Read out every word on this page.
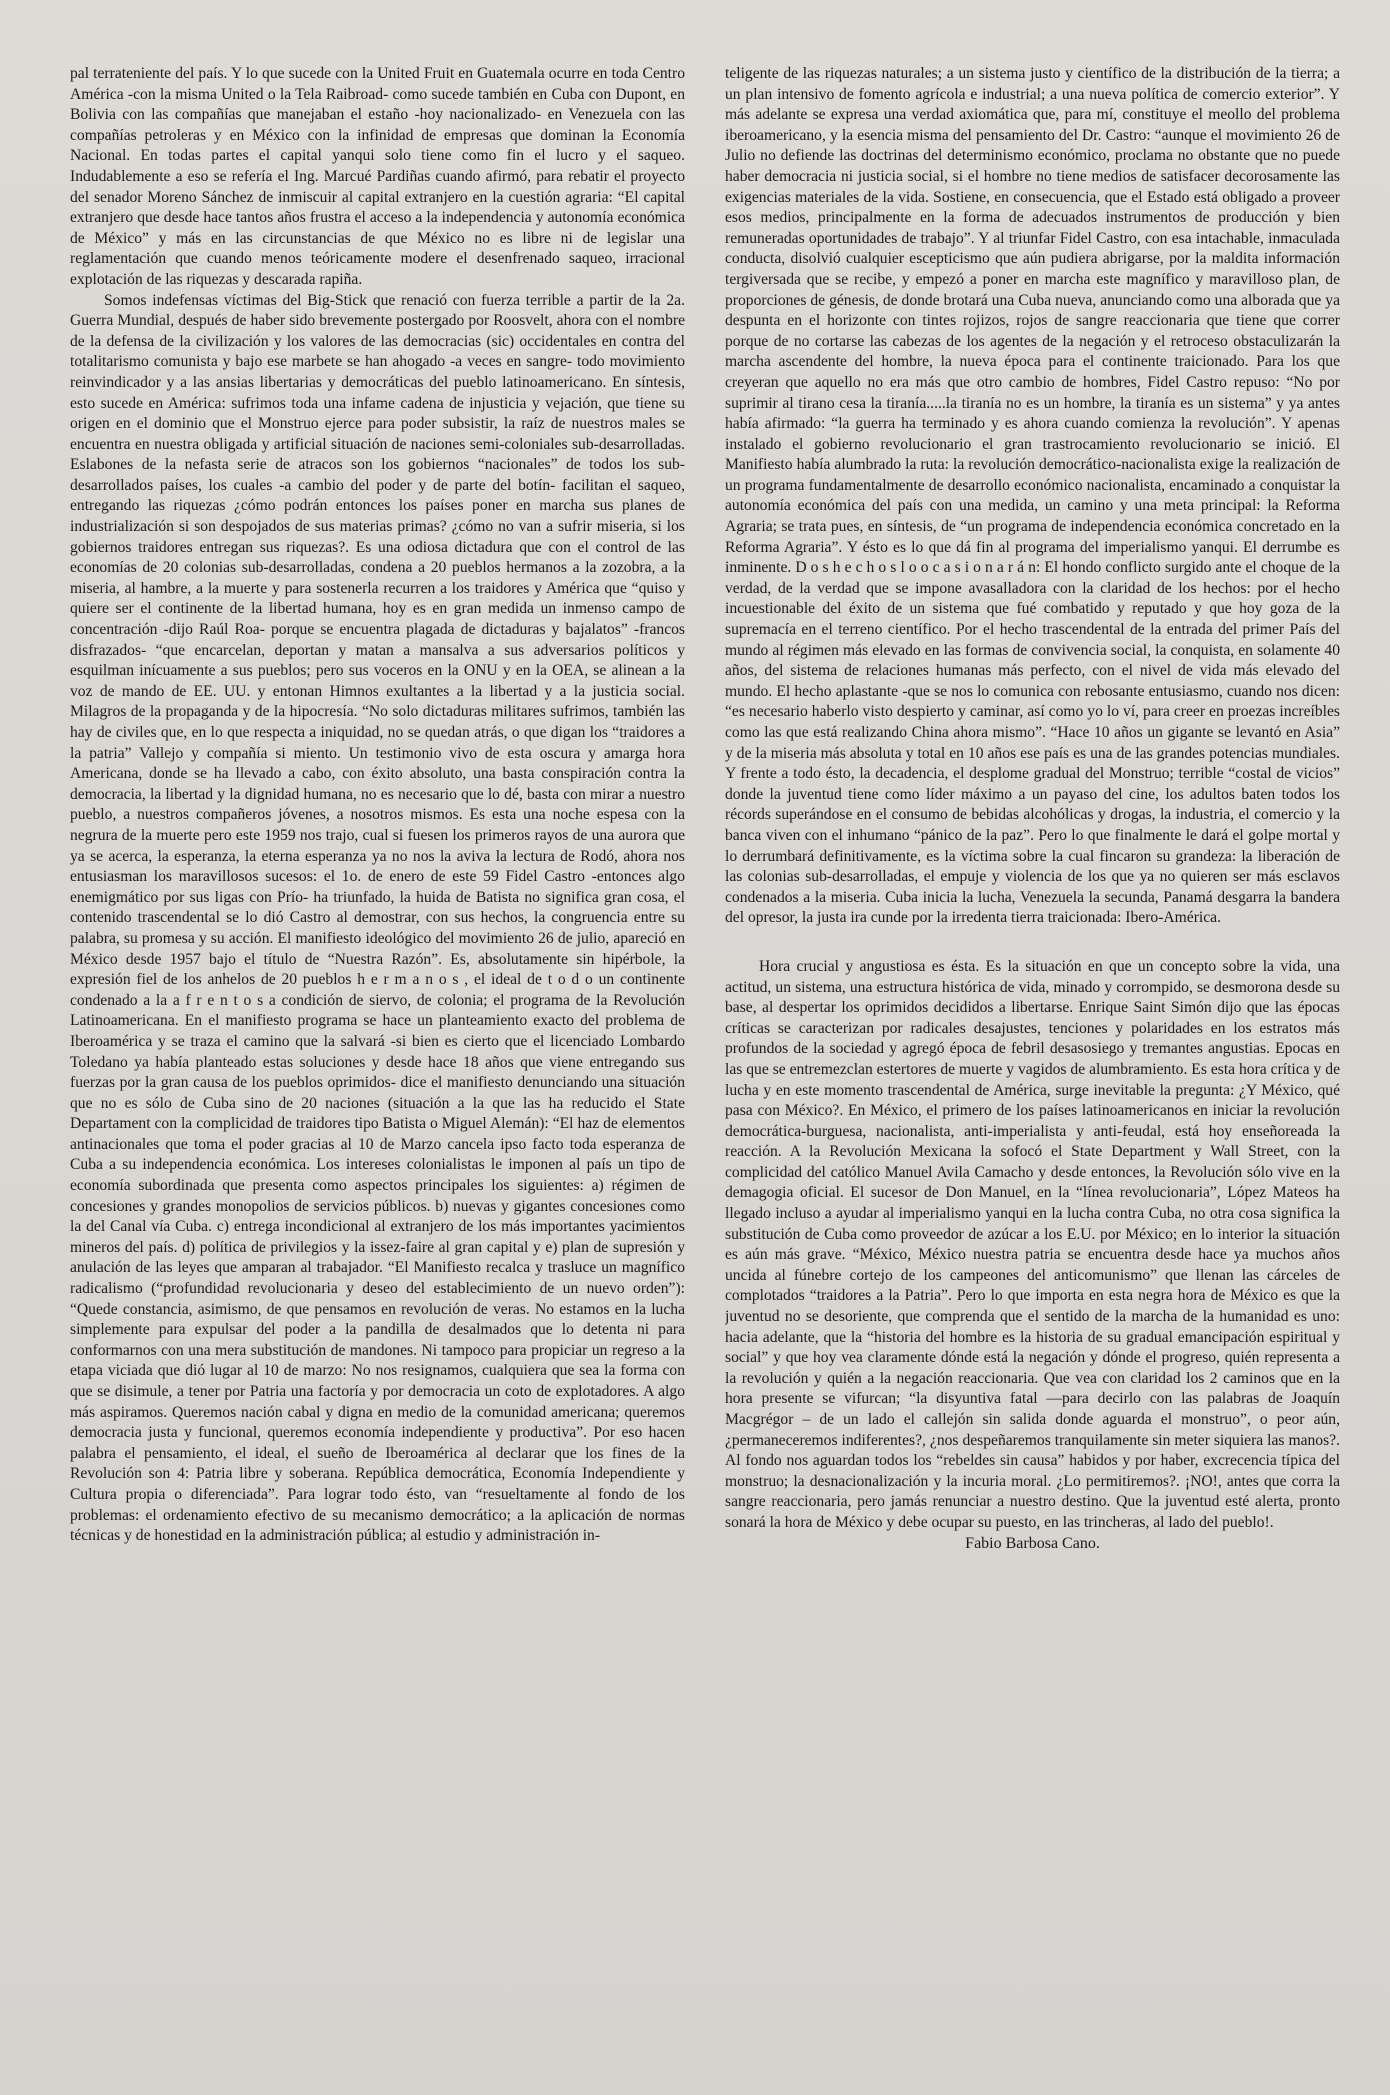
pal terrateniente del país. Y lo que sucede con la United Fruit en Guatemala ocurre en toda Centro América -con la misma United o la Tela Raibroad- como sucede también en Cuba con Dupont, en Bolivia con las compañías que manejaban el estaño -hoy nacionalizado- en Venezuela con las compañías petroleras y en México con la infinidad de empresas que dominan la Economía Nacional. En todas partes el capital yanqui solo tiene como fin el lucro y el saqueo. Indudablemente a eso se refería el Ing. Marcué Pardiñas cuando afirmó, para rebatir el proyecto del senador Moreno Sánchez de inmiscuir al capital extranjero en la cuestión agraria: “El capital extranjero que desde hace tantos años frustra el acceso a la independencia y autonomía económica de México” y más en las circunstancias de que México no es libre ni de legislar una reglamentación que cuando menos teóricamente modere el desenfrenado saqueo, irracional explotación de las riquezas y descarada rapiña.

Somos indefensas víctimas del Big-Stick que renació con fuerza terrible a partir de la 2a. Guerra Mundial, después de haber sido brevemente postergado por Roosvelt, ahora con el nombre de la defensa de la civilización y los valores de las democracias (sic) occidentales en contra del totalitarismo comunista y bajo ese marbete se han ahogado -a veces en sangre- todo movimiento reinvindicador y a las ansias libertarias y democráticas del pueblo latinoamericano. En síntesis, esto sucede en América: sufrimos toda una infame cadena de injusticia y vejación, que tiene su origen en el dominio que el Monstruo ejerce para poder subsistir, la raíz de nuestros males se encuentra en nuestra obligada y artificial situación de naciones semi-coloniales sub-desarrolladas. Eslabones de la nefasta serie de atracos son los gobiernos “nacionales” de todos los sub-desarrollados países, los cuales -a cambio del poder y de parte del botín- facilitan el saqueo, entregando las riquezas ¿cómo podrán entonces los países poner en marcha sus planes de industrialización si son despojados de sus materias primas? ¿cómo no van a sufrir miseria, si los gobiernos traidores entregan sus riquezas?. Es una odiosa dictadura que con el control de las economías de 20 colonias sub-desarrolladas, condena a 20 pueblos hermanos a la zozobra, a la miseria, al hambre, a la muerte y para sostenerla recurren a los traidores y América que “quiso y quiere ser el continente de la libertad humana, hoy es en gran medida un inmenso campo de concentración -dijo Raúl Roa- porque se encuentra plagada de dictaduras y bajalatos” -francos disfrazados- “que encarcelan, deportan y matan a mansalva a sus adversarios políticos y esquilman inícuamente a sus pueblos; pero sus voceros en la ONU y en la OEA, se alinean a la voz de mando de EE. UU. y entonan Himnos exultantes a la libertad y a la justicia social. Milagros de la propaganda y de la hipocresía. “No solo dictaduras militares sufrimos, también las hay de civiles que, en lo que respecta a iniquidad, no se quedan atrás, o que digan los “traidores a la patria” Vallejo y compañía si miento. Un testimonio vivo de esta oscura y amarga hora Americana, donde se ha llevado a cabo, con éxito absoluto, una basta conspiración contra la democracia, la libertad y la dignidad humana, no es necesario que lo dé, basta con mirar a nuestro pueblo, a nuestros compañeros jóvenes, a nosotros mismos. Es esta una noche espesa con la negrura de la muerte pero este 1959 nos trajo, cual si fuesen los primeros rayos de una aurora que ya se acerca, la esperanza, la eterna esperanza ya no nos la aviva la lectura de Rodó, ahora nos entusiasman los maravillosos sucesos: el 1o. de enero de este 59 Fidel Castro -entonces algo enemigmático por sus ligas con Prío- ha triunfado, la huida de Batista no significa gran cosa, el contenido trascendental se lo dió Castro al demostrar, con sus hechos, la congruencia entre su palabra, su promesa y su acción. El manifiesto ideológico del movimiento 26 de julio, apareció en México desde 1957 bajo el título de “Nuestra Razón”. Es, absolutamente sin hipérbole, la expresión fiel de los anhelos de 20 pueblos h e r m a n o s , el ideal de t o d o un continente condenado a la a f r e n t o s a condición de siervo, de colonia; el programa de la Revolución Latinoamericana. En el manifiesto programa se hace un planteamiento exacto del problema de Iberoamérica y se traza el camino que la salvará -si bien es cierto que el licenciado Lombardo Toledano ya había planteado estas soluciones y desde hace 18 años que viene entregando sus fuerzas por la gran causa de los pueblos oprimidos- dice el manifiesto denunciando una situación que no es sólo de Cuba sino de 20 naciones (situación a la que las ha reducido el State Departament con la complicidad de traidores tipo Batista o Miguel Alemán): “El haz de elementos antinacionales que toma el poder gracias al 10 de Marzo cancela ipso facto toda esperanza de Cuba a su independencia económica. Los intereses colonialistas le imponen al país un tipo de economía subordinada que presenta como aspectos principales los siguientes: a) régimen de concesiones y grandes monopolios de servicios públicos. b) nuevas y gigantes concesiones como la del Canal vía Cuba. c) entrega incondicional al extranjero de los más importantes yacimientos mineros del país. d) política de privilegios y la issez-faire al gran capital y e) plan de supresión y anulación de las leyes que amparan al trabajador. “El Manifiesto recalca y trasluce un magnífico radicalismo (“profundidad revolucionaria y deseo del establecimiento de un nuevo orden”): “Quede constancia, asimismo, de que pensamos en revolución de veras. No estamos en la lucha simplemente para expulsar del poder a la pandilla de desalmados que lo detenta ni para conformarnos con una mera substitución de mandones. Ni tampoco para propiciar un regreso a la etapa viciada que dió lugar al 10 de marzo: No nos resignamos, cualquiera que sea la forma con que se disimule, a tener por Patria una factoría y por democracia un coto de explotadores. A algo más aspiramos. Queremos nación cabal y digna en medio de la comunidad americana; queremos democracia justa y funcional, queremos economía independiente y productiva”. Por eso hacen palabra el pensamiento, el ideal, el sueño de Iberoamérica al declarar que los fines de la Revolución son 4: Patria libre y soberana. República democrática, Economía Independiente y Cultura propia o diferenciada”. Para lograr todo ésto, van “resueltamente al fondo de los problemas: el ordenamiento efectivo de su mecanismo democrático; a la aplicación de normas técnicas y de honestidad en la administración pública; al estudio y administración in-

teligente de las riquezas naturales; a un sistema justo y científico de la distribución de la tierra; a un plan intensivo de fomento agrícola e industrial; a una nueva política de comercio exterior”. Y más adelante se expresa una verdad axiomática que, para mí, constituye el meollo del problema iberoamericano, y la esencia misma del pensamiento del Dr. Castro: “aunque el movimiento 26 de Julio no defiende las doctrinas del determinismo económico, proclama no obstante que no puede haber democracia ni justicia social, si el hombre no tiene medios de satisfacer decorosamente las exigencias materiales de la vida. Sostiene, en consecuencia, que el Estado está obligado a proveer esos medios, principalmente en la forma de adecuados instrumentos de producción y bien remuneradas oportunidades de trabajo”. Y al triunfar Fidel Castro, con esa intachable, inmaculada conducta, disolvió cualquier escepticismo que aún pudiera abrigarse, por la maldita información tergiversada que se recibe, y empezó a poner en marcha este magnífico y maravilloso plan, de proporciones de génesis, de donde brotará una Cuba nueva, anunciando como una alborada que ya despunta en el horizonte con tintes rojizos, rojos de sangre reaccionaria que tiene que correr porque de no cortarse las cabezas de los agentes de la negación y el retroceso obstaculizarán la marcha ascendente del hombre, la nueva época para el continente traicionado. Para los que creyeran que aquello no era más que otro cambio de hombres, Fidel Castro repuso: “No por suprimir al tirano cesa la tiranía.....la tiranía no es un hombre, la tiranía es un sistema” y ya antes había afirmado: “la guerra ha terminado y es ahora cuando comienza la revolución”. Y apenas instalado el gobierno revolucionario el gran trastrocamiento revolucionario se inició. El Manifiesto había alumbrado la ruta: la revolución democrático-nacionalista exige la realización de un programa fundamentalmente de desarrollo económico nacionalista, encaminado a conquistar la autonomía económica del país con una medida, un camino y una meta principal: la Reforma Agraria; se trata pues, en síntesis, de “un programa de independencia económica concretado en la Reforma Agraria”. Y ésto es lo que dá fin al programa del imperialismo yanqui. El derrumbe es inminente. D o s h e c h o s l o o c a s i o n a r á n: El hondo conflicto surgido ante el choque de la verdad, de la verdad que se impone avasalladora con la claridad de los hechos: por el hecho incuestionable del éxito de un sistema que fué combatido y reputado y que hoy goza de la supremacía en el terreno científico. Por el hecho trascendental de la entrada del primer País del mundo al régimen más elevado en las formas de convivencia social, la conquista, en solamente 40 años, del sistema de relaciones humanas más perfecto, con el nivel de vida más elevado del mundo. El hecho aplastante -que se nos lo comunica con rebosante entusiasmo, cuando nos dicen: “es necesario haberlo visto despierto y caminar, así como yo lo ví, para creer en proezas increíbles como las que está realizando China ahora mismo”. “Hace 10 años un gigante se levantó en Asia” y de la miseria más absoluta y total en 10 años ese país es una de las grandes potencias mundiales. Y frente a todo ésto, la decadencia, el desplome gradual del Monstruo; terrible “costal de vicios” donde la juventud tiene como líder máximo a un payaso del cine, los adultos baten todos los récords superándose en el consumo de bebidas alcohólicas y drogas, la industria, el comercio y la banca viven con el inhumano “pánico de la paz”. Pero lo que finalmente le dará el golpe mortal y lo derrumbará definitivamente, es la víctima sobre la cual fincaron su grandeza: la liberación de las colonias sub-desarrolladas, el empuje y violencia de los que ya no quieren ser más esclavos condenados a la miseria. Cuba inicia la lucha, Venezuela la secunda, Panamá desgarra la bandera del opresor, la justa ira cunde por la irredenta tierra traicionada: Ibero-América.

Hora crucial y angustiosa es ésta. Es la situación en que un concepto sobre la vida, una actitud, un sistema, una estructura histórica de vida, minado y corrompido, se desmorona desde su base, al despertar los oprimidos decididos a libertarse. Enrique Saint Simón dijo que las épocas críticas se caracterizan por radicales desajustes, tenciones y polaridades en los estratos más profundos de la sociedad y agregó época de febril desasosiego y tremantes angustias. Epocas en las que se entremezclan estertores de muerte y vagidos de alumbramiento. Es esta hora crítica y de lucha y en este momento trascendental de América, surge inevitable la pregunta: ¿Y México, qué pasa con México?. En México, el primero de los países latinoamericanos en iniciar la revolución democrática-burguesa, nacionalista, anti-imperialista y anti-feudal, está hoy enseñoreada la reacción. A la Revolución Mexicana la sofocó el State Department y Wall Street, con la complicidad del católico Manuel Avila Camacho y desde entonces, la Revolución sólo vive en la demagogia oficial. El sucesor de Don Manuel, en la “línea revolucionaria”, López Mateos ha llegado incluso a ayudar al imperialismo yanqui en la lucha contra Cuba, no otra cosa significa la substitución de Cuba como proveedor de azúcar a los E.U. por México; en lo interior la situación es aún más grave. “México, México nuestra patria se encuentra desde hace ya muchos años uncida al fúnebre cortejo de los campeones del anticomunismo” que llenan las cárceles de complotados “traidores a la Patria”. Pero lo que importa en esta negra hora de México es que la juventud no se desoriente, que comprenda que el sentido de la marcha de la humanidad es uno: hacia adelante, que la “historia del hombre es la historia de su gradual emancipación espiritual y social” y que hoy vea claramente dónde está la negación y dónde el progreso, quién representa a la revolución y quién a la negación reaccionaria. Que vea con claridad los 2 caminos que en la hora presente se vifurcan; “la disyuntiva fatal —para decirlo con las palabras de Joaquín Macgrégor – de un lado el callejón sin salida donde aguarda el monstruo”, o peor aún, ¿permaneceremos indiferentes?, ¿nos despeñaremos tranquilamente sin meter siquiera las manos?. Al fondo nos aguardan todos los “rebeldes sin causa” habidos y por haber, excrecencia típica del monstruo; la desnacionalización y la incuria moral. ¿Lo permitiremos?. ¡NO!, antes que corra la sangre reaccionaria, pero jamás renunciar a nuestro destino. Que la juventud esté alerta, pronto sonará la hora de México y debe ocupar su puesto, en las trincheras, al lado del pueblo!.

Fabio Barbosa Cano.
